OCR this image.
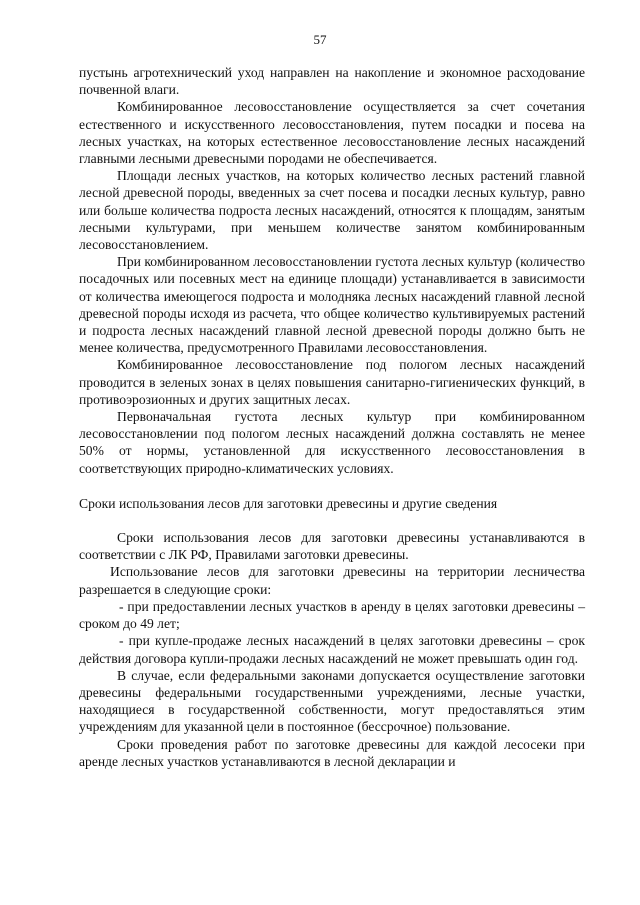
57

пустынь агротехнический уход направлен на накопление и экономное расходование почвенной влаги.

Комбинированное лесовосстановление осуществляется за счет сочетания естественного и искусственного лесовосстановления, путем посадки и посева на лесных участках, на которых естественное лесовосстановление лесных насаждений главными лесными древесными породами не обеспечивается.

Площади лесных участков, на которых количество лесных растений главной лесной древесной породы, введенных за счет посева и посадки лесных культур, равно или больше количества подроста лесных насаждений, относятся к площадям, занятым лесными культурами, при меньшем количестве занятом комбинированным лесовосстановлением.

При комбинированном лесовосстановлении густота лесных культур (количество посадочных или посевных мест на единице площади) устанавливается в зависимости от количества имеющегося подроста и молодняка лесных насаждений главной лесной древесной породы исходя из расчета, что общее количество культивируемых растений и подроста лесных насаждений главной лесной древесной породы должно быть не менее количества, предусмотренного Правилами лесовосстановления.

Комбинированное лесовосстановление под пологом лесных насаждений проводится в зеленых зонах в целях повышения санитарно-гигиенических функций, в противоэрозионных и других защитных лесах.

Первоначальная густота лесных культур при комбинированном лесовосстановлении под пологом лесных насаждений должна составлять не менее 50% от нормы, установленной для искусственного лесовосстановления в соответствующих природно-климатических условиях.

Сроки использования лесов для заготовки древесины и другие сведения

Сроки использования лесов для заготовки древесины устанавливаются в соответствии с ЛК РФ, Правилами заготовки древесины.

Использование лесов для заготовки древесины на территории лесничества разрешается в следующие сроки:

- при предоставлении лесных участков в аренду в целях заготовки древесины – сроком до 49 лет;

- при купле-продаже лесных насаждений в целях заготовки древесины – срок действия договора купли-продажи лесных насаждений не может превышать один год.

В случае, если федеральными законами допускается осуществление заготовки древесины федеральными государственными учреждениями, лесные участки, находящиеся в государственной собственности, могут предоставляться этим учреждениям для указанной цели в постоянное (бессрочное) пользование.

Сроки проведения работ по заготовке древесины для каждой лесосеки при аренде лесных участков устанавливаются в лесной декларации и
